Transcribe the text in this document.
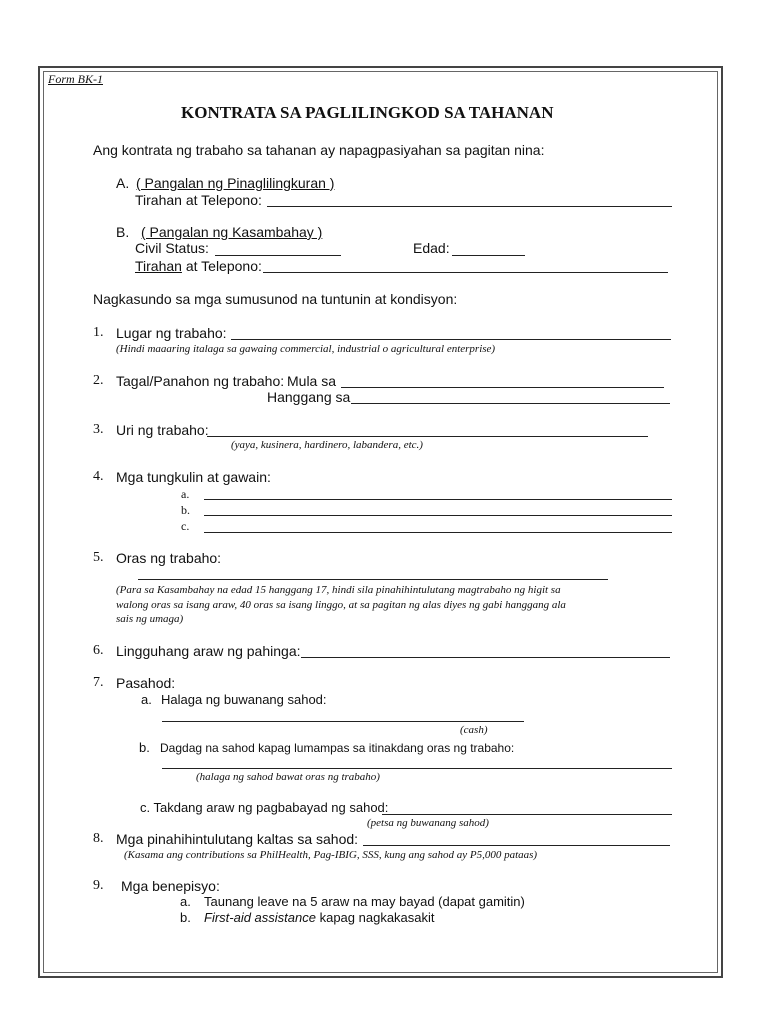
Form BK-1
KONTRATA SA PAGLILINGKOD SA TAHANAN
Ang kontrata ng trabaho sa tahanan ay napagpasiyahan sa pagitan nina:
A. ( Pangalan ng Pinaglilingkuran )
Tirahan at Telepono:
B. ( Pangalan ng Kasambahay )
Civil Status:	Edad:
Tirahan at Telepono:
Nagkasundo sa mga sumusunod na tuntunin at kondisyon:
1. Lugar ng trabaho:
(Hindi maaaring italaga sa gawaing commercial, industrial o agricultural enterprise)
2. Tagal/Panahon ng trabaho: Mula sa
Hanggang sa
3. Uri ng trabaho:
(yaya, kusinera, hardinero, labandera, etc.)
4. Mga tungkulin at gawain:
a.
b.
c.
5. Oras ng trabaho:
(Para sa Kasambahay na edad 15 hanggang 17, hindi sila pinahihintulutang magtrabaho ng higit sa
walong oras sa isang araw, 40 oras sa isang linggo, at sa pagitan ng alas diyes ng gabi hanggang ala
sais ng umaga)
6. Lingguhang araw ng pahinga:
7. Pasahod:
a. Halaga ng buwanang sahod:
(cash)
b. Dagdag na sahod kapag lumampas sa itinakdang oras ng trabaho:
(halaga ng sahod bawat oras ng trabaho)
c. Takdang araw ng pagbabayad ng sahod:
(petsa ng buwanang sahod)
8. Mga pinahihintulutang kaltas sa sahod:
(Kasama ang contributions sa PhilHealth, Pag-IBIG, SSS, kung ang sahod ay P5,000 pataas)
9. Mga benepisyo:
a. Taunang leave na 5 araw na may bayad (dapat gamitin)
b. First-aid assistance kapag nagkakasakit
